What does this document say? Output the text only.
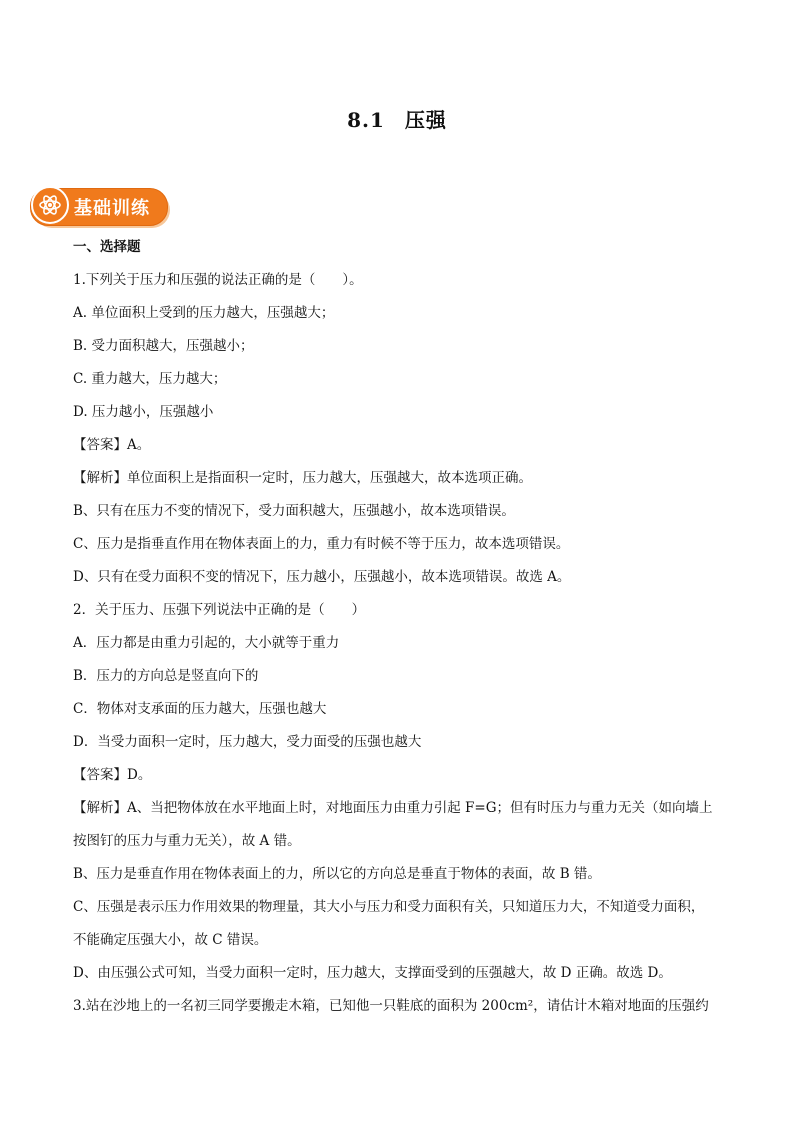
8.1 压强
基础训练

一、选择题

1.下列关于压力和压强的说法正确的是（　　）。

A. 单位面积上受到的压力越大，压强越大；

B. 受力面积越大，压强越小；

C. 重力越大，压力越大；

D. 压力越小，压强越小

【答案】A。

【解析】单位面积上是指面积一定时，压力越大，压强越大，故本选项正确。

B、只有在压力不变的情况下，受力面积越大，压强越小，故本选项错误。

C、压力是指垂直作用在物体表面上的力，重力有时候不等于压力，故本选项错误。

D、只有在受力面积不变的情况下，压力越小，压强越小，故本选项错误。故选 A。

2．关于压力、压强下列说法中正确的是（　　）

A．压力都是由重力引起的，大小就等于重力

B．压力的方向总是竖直向下的

C．物体对支承面的压力越大，压强也越大

D．当受力面积一定时，压力越大，受力面受的压强也越大

【答案】D。

【解析】A、当把物体放在水平地面上时，对地面压力由重力引起 F=G；但有时压力与重力无关（如向墙上

按图钉的压力与重力无关），故 A 错。

B、压力是垂直作用在物体表面上的力，所以它的方向总是垂直于物体的表面，故 B 错。

C、压强是表示压力作用效果的物理量，其大小与压力和受力面积有关，只知道压力大，不知道受力面积，

不能确定压强大小，故 C 错误。

D、由压强公式可知，当受力面积一定时，压力越大，支撑面受到的压强越大，故 D 正确。故选 D。

3.站在沙地上的一名初三同学要搬走木箱，已知他一只鞋底的面积为 200cm²，请估计木箱对地面的压强约
